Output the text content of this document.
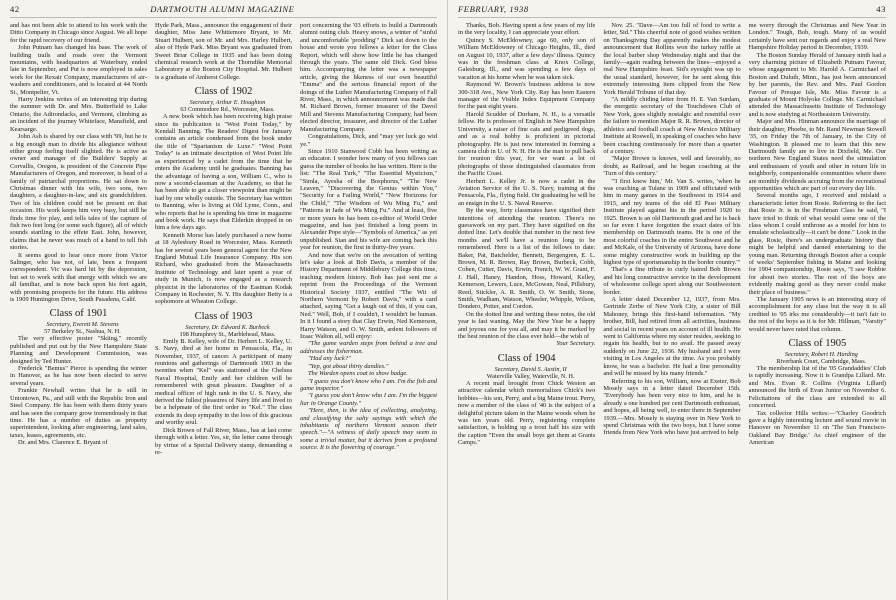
42	DARTMOUTH ALUMNI MAGAZINE

and has not been able to attend to his work with the Ditto Company in Chicago since August. We all hope for the rapid recovery of our friend.

John Putnam has changed his base. The work of building trails and roads over the Vermont mountains, with headquarters at Waterbury, ended late in September, and Put is now employed in sales work for the Rexair Company, manufacturers of air-washers and conditioners, and is located at 44 North St., Montpelier, Vt.

Harry Jenkins writes of an interesting trip during the summer with Dr. and Mrs. Butterfield to Lake Ontario, the Adirondacks, and Vermont, climbing as an incident of the journey Whiteface, Mansfield, and Kearsarge.

John Ash is shared by our class with '99, but he is a big enough man to divide his allegiance without either group feeling itself slighted. He is active as owner and manager of the Builders' Supply at Corvallis, Oregon, is president of the Concrete Pipe Manufacturers of Oregon, and moreover, is head of a family of patriarchal proportions. He sat down to Christmas dinner with his wife, two sons, two daughters, a daughter-in-law, and six grandchildren. Two of his children could not be present on that occasion. His work keeps him very busy, but still he finds time for play, and tells tales of the capture of fish two feet long (or some such figure), all of which sounds startling to the effete East. John, however, claims that he never was much of a hand to tell fish stories.

It seems good to hear once more from Victor Salinger, who has not, of late, been a frequent correspondent. Vic was hard hit by the depression, but set to work with that energy with which we are all familiar, and is now back upon his feet again, with promising prospects for the future. His address is 1909 Huntington Drive, South Pasadena, Calif.

Class of 1901

Secretary, Everett M. Stevens

57 Berkeley St., Nashua, N. H.

The very effective poster "Skiing," recently published and put out by the New Hampshire State Planning and Development Commission, was designed by Ted Hunter.

Frederick "Bemus" Pierce is spending the winter in Hanover, as he has now been elected to serve several years.

Frankie Newhall writes that he is still in Uniontown, Pa., and still with the Republic Iron and Steel Company. He has been with them thirty years and has seen the company grow tremendously in that time. He has a number of duties as property superintendent, looking after engineering, land sales, taxes, leases, agreements, etc.

Dr. and Mrs. Clarence E. Bryant of

Hyde Park, Mass., announce the engagement of their daughter, Miss Jane Whittemore Bryant, to Mr. Stuart Hulbert, son of Mr. and Mrs. Harley Hulbert, also of Hyde Park. Miss Bryant was graduated from Sweet Briar College in 1935 and has been doing chemical research work at the Thorndike Memorial Laboratory at the Boston City Hospital. Mr. Hulbert is a graduate of Amherst College.

Class of 1902

Secretary, Arthur E. Houghton

63 Commodore Rd., Worcester, Mass.

A new book which has been receiving high praise since its publication is "West Point Today," by Kendall Banning. The Readers' Digest for January contains an article condensed from the book under the title of "Spartanism de Luxe." "West Point Today" is an intimate description of West Point life as experienced by a cadet from the time that he enters the Academy until he graduates. Banning has the advantage of having a son, William C., who is now a second-classman at the Academy, so that he has been able to get a closer viewpoint than might be had by one wholly outside. The Secretary has written to Banning, who is living at Old Lyme, Conn., and who reports that he is spending his time in magazine and book work. He says that Elderkin dropped in on him a few days ago.

Kenneth Morse has lately purchased a new home at 18 Aylesbury Road in Worcester, Mass. Kenneth has for several years been general agent for the New England Mutual Life Insurance Company. His son Richard, who graduated from the Massachusetts Institute of Technology and later spent a year of study in Munich, is now engaged as a research physicist in the laboratories of the Eastman Kodak Company in Rochester, N. Y. His daughter Betty is a sophomore at Wheaton College.

Class of 1903

Secretary, Dr. Edward K. Burbeck

198 Humphrey St., Marblehead, Mass.

Emily B. Kelley, wife of Dr. Herbert L. Kelley, U. S. Navy, died at her home in Pensacola, Fla., in November, 1937, of cancer. A participant of many reunions and gatherings of Dartmouth 1903 in the twenties when "Kel" was stationed at the Chelsea Naval Hospital, Emily and her children will be remembered with great pleasure. Daughter of a medical officer of high rank in the U. S. Navy, she derived the fullest pleasures of Navy life and lived to be a helpmate of the first order to "Kel." The class extends its deep sympathy in the loss of this gracious and worthy soul.

Dick Brown of Fall River, Mass., has at last come through with a letter. Yes, sir, the letter came through by virtue of a Special Delivery stamp, demanding a re-

port concerning the '03 efforts to build a Dartmouth alumni outing club. Heavy snows, a winter of "sinful and uncomfortable 'prodding'" Dick sat down to the house and wrote you fellows a letter for the Class Report, which will show how little he has changed through the years. The same old Dick. God bless him. Accompanying the letter was a newspaper article, giving the likeness of our own beautiful "Emma" and the serious financial report of the doings of the Luther Manufacturing Company of Fall River, Mass., in which announcement was made that M. Richard Brown, former treasurer of the Davol Mill and Stevens Manufacturing Company, had been elected director, treasurer, and director of the Luther Manufacturing Company.

Congratulations, Dick, and "may yer luck go wid ye."

Since 1910 Stanwood Cobb has been writing as an educator. I wonder how many of you fellows can guess the number of books he has written. Here is the list: "The Real Turk," "The Essential Mysticism," "Simla, Ayesha of the Bosphorus," "The New Leaven," "Discovering the Genius within You," "Security for a Failing World," "New Horizons for the Child," "The Wisdom of Wu Ming Fu," and "Patterns in Jade of Wu Ming Fu." And at least, five or more years he has been co-editor of World Order magazine, and has just finished a long poem in Alexander Pope style—"Symbols of America," as yet unpublished. Stan and his wife are coming back this year for reunion, the first in thirty-five years.

And now that we're on the avocation of writing let's take a look at Bob Davis, a member of the History Department of Middlebury College this time, teaching modern history. Bob has just sent me a reprint from the Proceedings of the Vermont Historical Society 1937, entitled "The Wit of Northern Vermont by Robert Davis," with a card attached, saying "Get a laugh out of this, if you can, Ned." Well, Bob, if I couldn't, I wouldn't be human. In it I found a story that Clay Erwin, Ned Kemerson, Harry Watson, and O. W. Smith, ardent followers of Izaac Walton all, will enjoy:

"The game warden steps from behind a tree and addresses the fisherman.

"Had any luck?"

"Yep, got about thirty dandies."

The Warden opens coat to show badge.

"I guess you don't know who I am. I'm the fish and game inspector."

"I guess you don't know who I am. I'm the biggest liar in Orange County."

"Here, then, is the idea of collecting, analyzing, and classifying the salty sayings with which the inhabitants of northern Vermont season their speech."—"A witness of daily speech may seem to some a trivial matter, but it derives from a profound source. It is the flowering of courage."

FEBRUARY, 1938	43

Thanks, Bob. Having spent a few years of my life in the very locality, I can appreciate your effort.

Quincy S. McEldowney, age 60, only son of William McEldowney of Chicago Heights, Ill., died on August 10, 1937, after a few days' illness. Quincy was in the freshman class at Knox College, Galesburg, Ill., and was spending a few days of vacation at his home when he was taken sick.

Raymond W. Brown's business address is now 300-318 Ave., New York City. Ray has been Eastern manager of the Visible Index Equipment Company for the past eight years.

Harold Scudder of Durham, N. H., is a versatile fellow. He is professor of English in New Hampshire University, a raiser of fine cats and pedigreed dogs, and as a real hobby is proficient in pictorial photography. He is just now interested in forming a camera club in U. of N. H. He is the man to pull back for reunion this year, for we want a lot of photographs of those distinguished classmates from the Pacific Coast.

Herbert L. Kelley Jr. is now a cadet in the Aviation Service of the U. S. Navy, training at the Pensacola, Fla., flying field. On graduating he will be an ensign in the U. S. Naval Reserve.

By the way, forty classmates have signified their intentions of attending the reunion. There's no guesswork on my part. They have signified on the dotted line. Let's double that number in the next few months and we'll have a reunion long to be remembered. Here is a list of the fellows to date: Baker, Pat, Batchelder, Bennett, Bergengren, E. L. Brown, M. R. Brown, Ray Brown, Burbeck, Cobb, Cohen, Cutter, Davis, Erwin, French, W. W. Grant, F. J. Hall, Haney, Handon, Hoss, Howard, Kelley, Kemerson, Lewers, Luce, McGowan, Neal, Pillsbury, Reed, Stickler, A. R. Smith, O. W. Smith, Stone, Smith, Wadham, Watson, Wheeler, Whipple, Wilson, Dondero, Potter, and Cordon.

On the dotted line and writing these notes, the old year is fast waning. May the New Year be a happy and joyous one for you all, and may it be marked by the best reunion of the class ever held—the wish of

Your Secretary.

Class of 1904

Secretary, David S. Austin, II

Waterville Valley, Waterville, N. H.

A recent mail brought from Chick Weston an attractive calendar which memorializes Chick's two hobbies—his son, Perry, and a big Maine trout. Perry, now a member of the class of '40 is the subject of a delightful picture taken in the Maine woods when he was ten years old. Perry, registering complete satisfaction, is holding up a trout half his size with the caption "Even the small boys get them at Grants Camps."

Nov. 25. "Dave—Am too full of food to write a letter, Sid." This cheerful note of good wishes written on Thanksgiving Day apparently makes the modest announcement that Rollins won the turkey raffle at the local barber shop Wednesday night and that the family—again reading between the lines—enjoyed a real New Hampshire feast. Sid's eyesight was up to the usual standard, however, for he sent along this extremely interesting item clipped from the New York Herald Tribune of that day.

"A mildly chiding letter from H. E. Van Surdam, the energetic secretary of the Touchdown Club of New York, goes slightly nostalgic and resentful over the failure to mention Major R. R. Brown, director of athletics and football coach at New Mexico Military Institute at Roswell, in speaking of coaches who have been coaching continuously for more than a quarter of a century.

"Major Brown is known, well and favorably, no doubt, as Railroad, and he began coaching at the 'Turn of this century.'

"'I first knew him,' Mr. Van S. writes, 'when he was coaching at Tulane in 1909 and officiated with him in many games in the Southwest in 1914 and 1915, and my teams of the old El Paso Military Institute played against his in the period 1920 to 1925. Brown is an old Dartmouth grad and he is back so far even I have forgotten the exact dates of his membership on Dartmouth teams. He is one of the most colorful coaches in the entire Southwest and he and McKale, of the University of Arizona, have done some mighty constructive work in building up the highest type of sportsmanship in the border country.'"

That's a fine tribute to curly haired Bob Brown and his long constructive service in the development of wholesome college sport along our Southwestern border.

A letter dated December 12, 1937, from Mrs. Gertrude Zerbe of New York City, a sister of Bill Mahoney, brings this first-hand information. "My brother, Bill, had retired from all activities, business and social in recent years on account of ill health. He went to California where my sister resides, seeking to regain his health, but to no avail. He passed away suddenly on June 22, 1936. My husband and I were visiting in Los Angeles at the time. As you probably know, he was a bachelor. He had a fine personality and will be missed by his many friends."

Referring to his son, William, now at Exeter, Bob Mosely says in a letter dated December 15th. "Everybody has been very nice to him, and he is already a one hundred per cent Dartmouth enthusiast, and hopes, all being well, to enter there in September 1939.—Mrs. Mosely is staying over in New York to spend Christmas with the two boys, but I have some friends from New York who have just arrived to help

me worry through the Christmas and New Year in London." Tough, Bob, tough. Many of us would certainly have sent our regards and enjoy a real New Hampshire Holiday period in December, 1939.

The Boston Sunday Herald of January ninth had a very charming picture of Elizabeth Putnam Favour, whose engagement to Mr. Harold A. Carmichael of Boston and Duluth, Minn., has just been announced by her parents, the Rev. and Mrs. Paul Gordon Favour of Presque Isle, Me. Miss Favour is a graduate of Mount Holyoke College. Mr. Carmichael attended the Massachusetts Institute of Technology and is now studying at Northeastern University.

Major and Mrs. Hinman announce the marriage of their daughter, Phoebe, to Mr. Rand Newman Stowell '35, on Friday the 7th of January, in the City of Washington. It pleased me to learn that this new Dartmouth family are to live in Dixfield, Me. Our northern New England States need the stimulation and enthusiasm of youth and other in return life in neighborly, companionable communities where there are monthly dividends accruing from the recreational opportunities which are part of our every day life.

Several months ago, I received and mislaid a characteristic letter from Rosie. Referring to the fact that Rosie Jr. is in the Freshman Class he said, "I have tried to think of what would some one of the class whom I could enthrone as a model for him to emulate scholastically—it can't be done." Look in the glass, Rosie, there's an undergraduate history that might be helpful and darned entertaining to the young man. Returning through Boston after a couple of weeks' September fishing in Maine and looking for 1904 companionship, Rosie says, "I saw Robbie for about two stories. The rest of the boys are evidently making good as they never could make their place of business."

The January 1905 news is an interesting story of accomplishment for any class but the way it is all credited to '05 irks me considerably—it isn't fair to the rest of the boys as it is for Mr. Hillman, "Varsity" would never have rated that column.

Class of 1905

Secretary, Robert H. Harding

Riverbank Court, Cambridge, Mass.

The membership list of the '05 Grandaddies' Club is rapidly increasing. Now it is Grandpa Lillard. Mr. and Mrs. Evan R. Collins (Virginia Lillard) announced the birth of Evan Junior on November 6. Felicitations of the class are extended to all concerned.

Tax collector Hills writes:—"Charley Goodrich gave a highly interesting lecture and sound movie in Hanover on November 11 on 'The San Francisco-Oakland Bay Bridge.' As chief engineer of the American
